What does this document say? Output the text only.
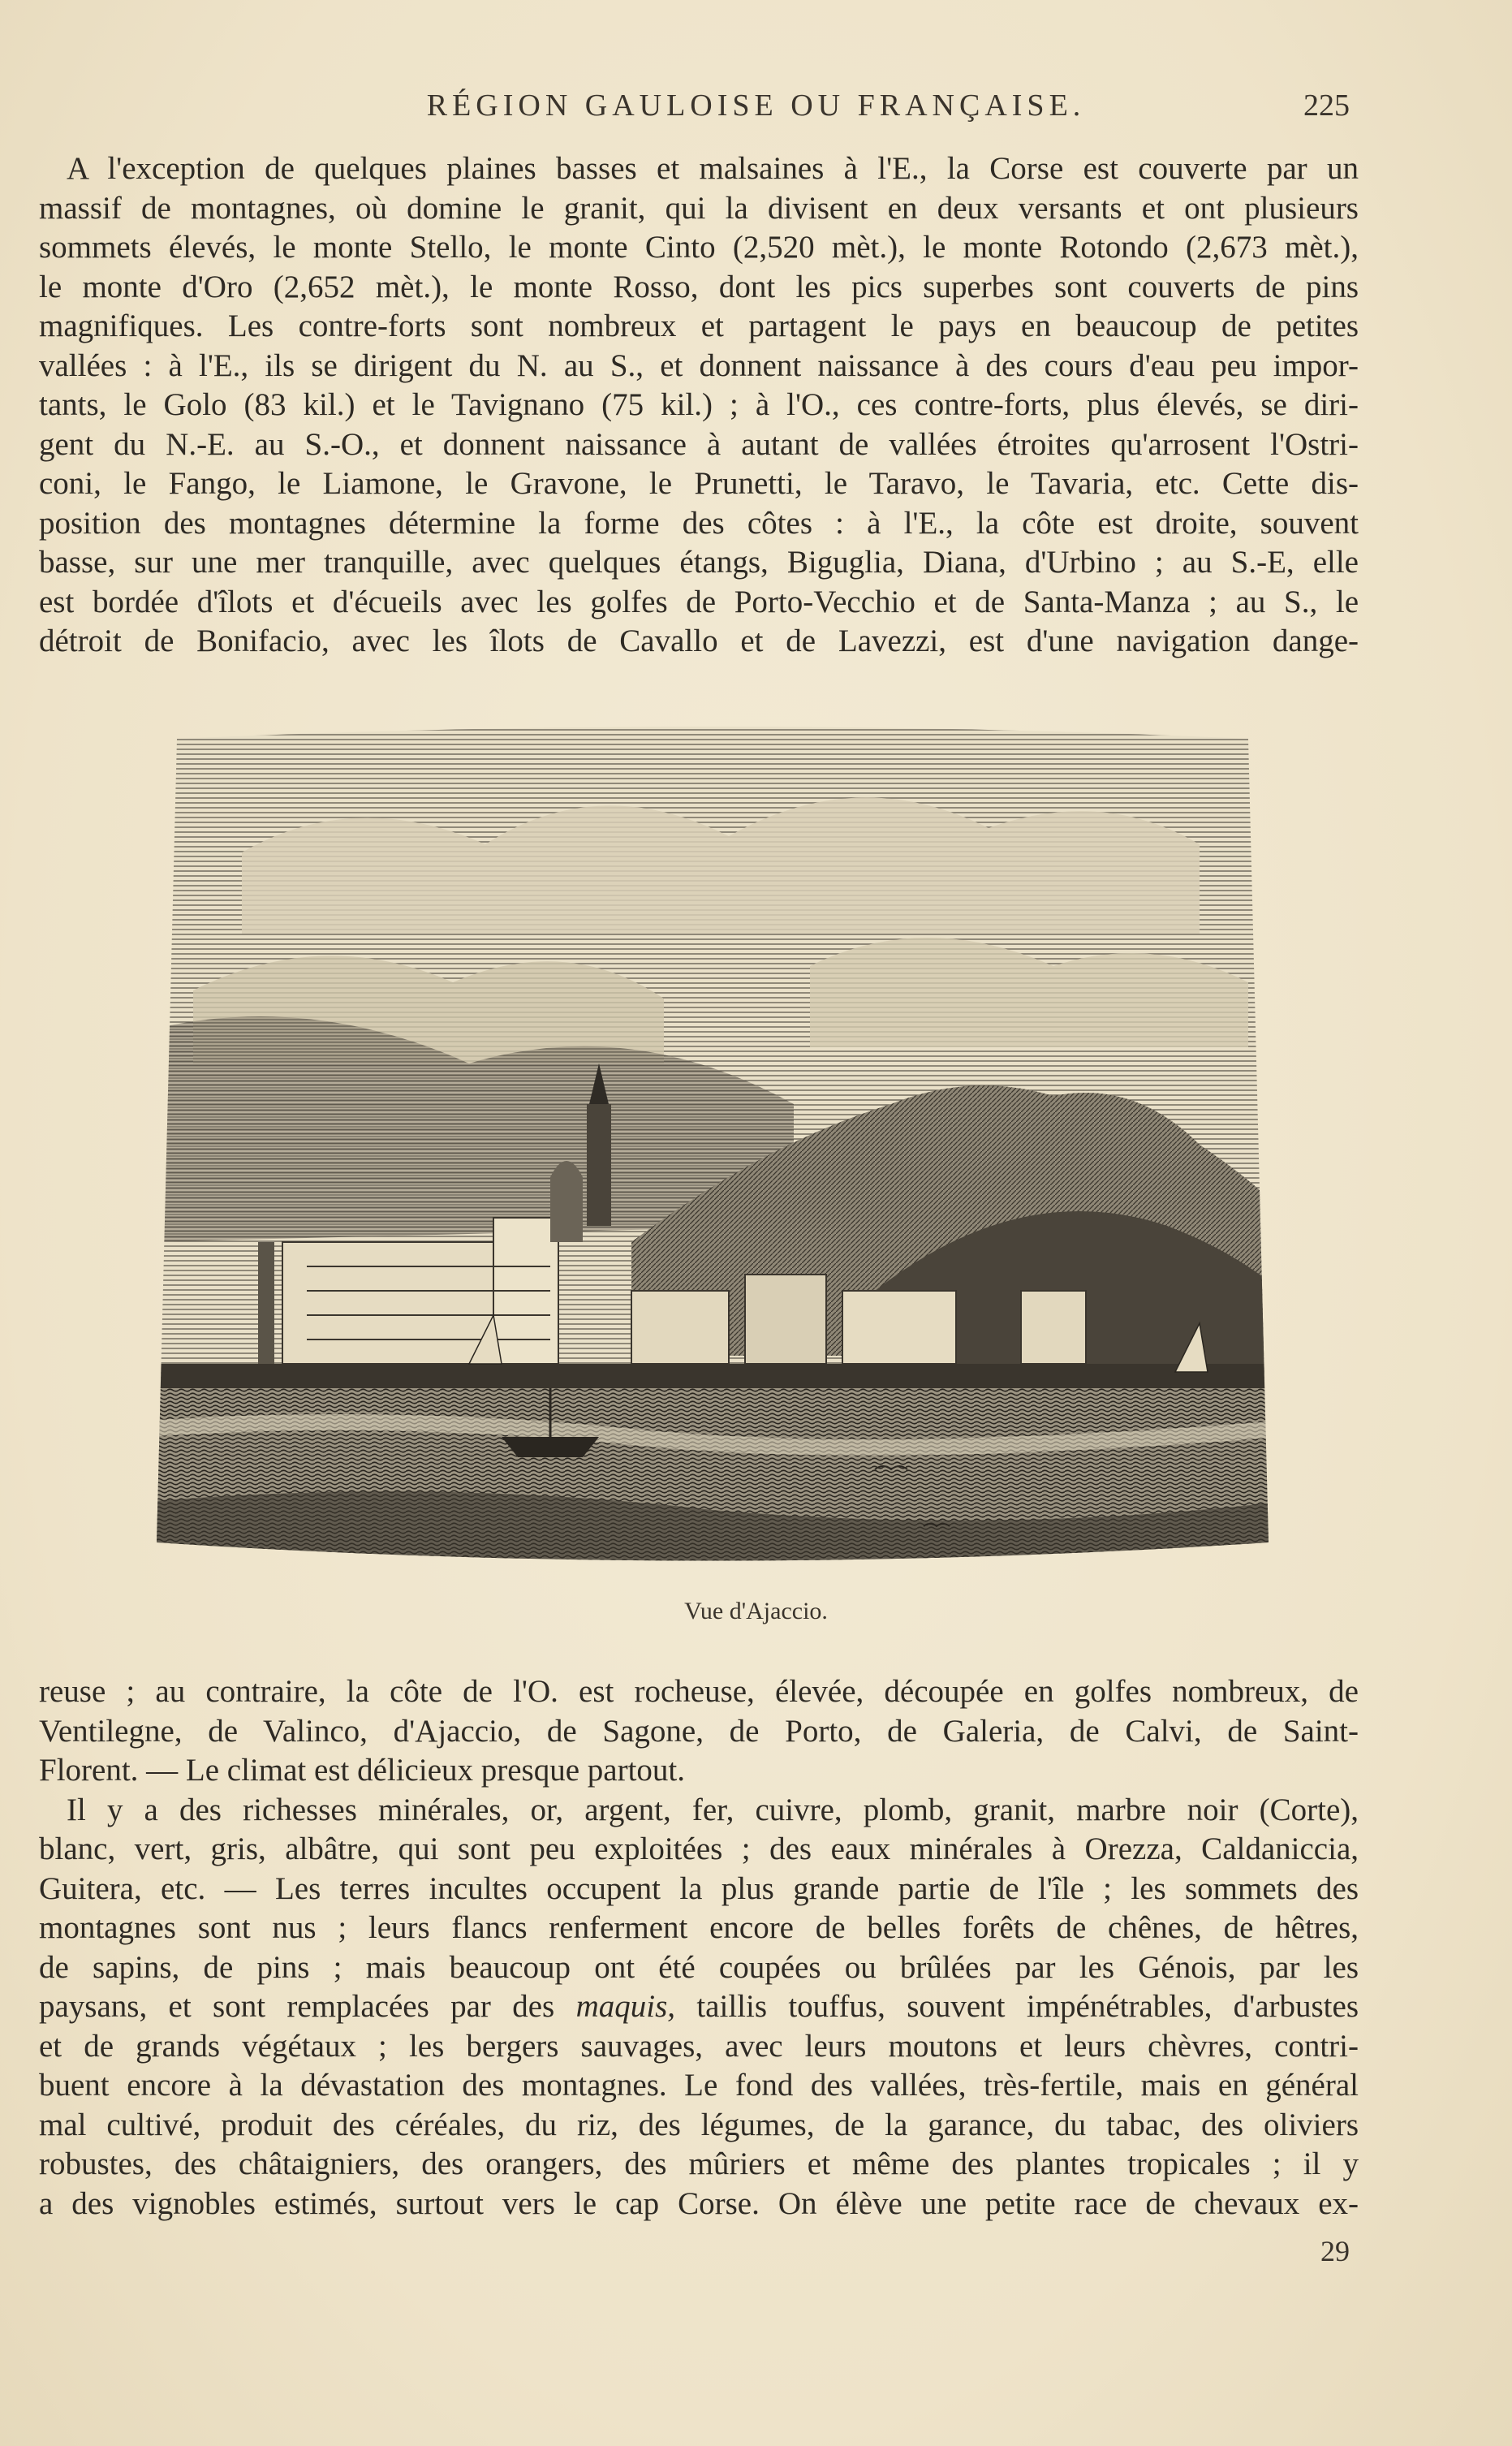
RÉGION GAULOISE OU FRANÇAISE.	225

A l'exception de quelques plaines basses et malsaines à l'E., la Corse est couverte par un

massif de montagnes, où domine le granit, qui la divisent en deux versants et ont plusieurs

sommets élevés, le monte Stello, le monte Cinto (2,520 mèt.), le monte Rotondo (2,673 mèt.),

le monte d'Oro (2,652 mèt.), le monte Rosso, dont les pics superbes sont couverts de pins

magnifiques. Les contre-forts sont nombreux et partagent le pays en beaucoup de petites

vallées : à l'E., ils se dirigent du N. au S., et donnent naissance à des cours d'eau peu impor-

tants, le Golo (83 kil.) et le Tavignano (75 kil.) ; à l'O., ces contre-forts, plus élevés, se diri-

gent du N.-E. au S.-O., et donnent naissance à autant de vallées étroites qu'arrosent l'Ostri-

coni, le Fango, le Liamone, le Gravone, le Prunetti, le Taravo, le Tavaria, etc. Cette dis-

position des montagnes détermine la forme des côtes : à l'E., la côte est droite, souvent

basse, sur une mer tranquille, avec quelques étangs, Biguglia, Diana, d'Urbino ; au S.-E, elle

est bordée d'îlots et d'écueils avec les golfes de Porto-Vecchio et de Santa-Manza ; au S., le

détroit de Bonifacio, avec les îlots de Cavallo et de Lavezzi, est d'une navigation dange-

Vue d'Ajaccio.

reuse ; au contraire, la côte de l'O. est rocheuse, élevée, découpée en golfes nombreux, de

Ventilegne, de Valinco, d'Ajaccio, de Sagone, de Porto, de Galeria, de Calvi, de Saint-

Florent. — Le climat est délicieux presque partout.

Il y a des richesses minérales, or, argent, fer, cuivre, plomb, granit, marbre noir (Corte),

blanc, vert, gris, albâtre, qui sont peu exploitées ; des eaux minérales à Orezza, Caldaniccia,

Guitera, etc. — Les terres incultes occupent la plus grande partie de l'île ; les sommets des

montagnes sont nus ; leurs flancs renferment encore de belles forêts de chênes, de hêtres,

de sapins, de pins ; mais beaucoup ont été coupées ou brûlées par les Génois, par les

paysans, et sont remplacées par des maquis, taillis touffus, souvent impénétrables, d'arbustes

et de grands végétaux ; les bergers sauvages, avec leurs moutons et leurs chèvres, contri-

buent encore à la dévastation des montagnes. Le fond des vallées, très-fertile, mais en général

mal cultivé, produit des céréales, du riz, des légumes, de la garance, du tabac, des oliviers

robustes, des châtaigniers, des orangers, des mûriers et même des plantes tropicales ; il y

a des vignobles estimés, surtout vers le cap Corse. On élève une petite race de chevaux ex-

29
